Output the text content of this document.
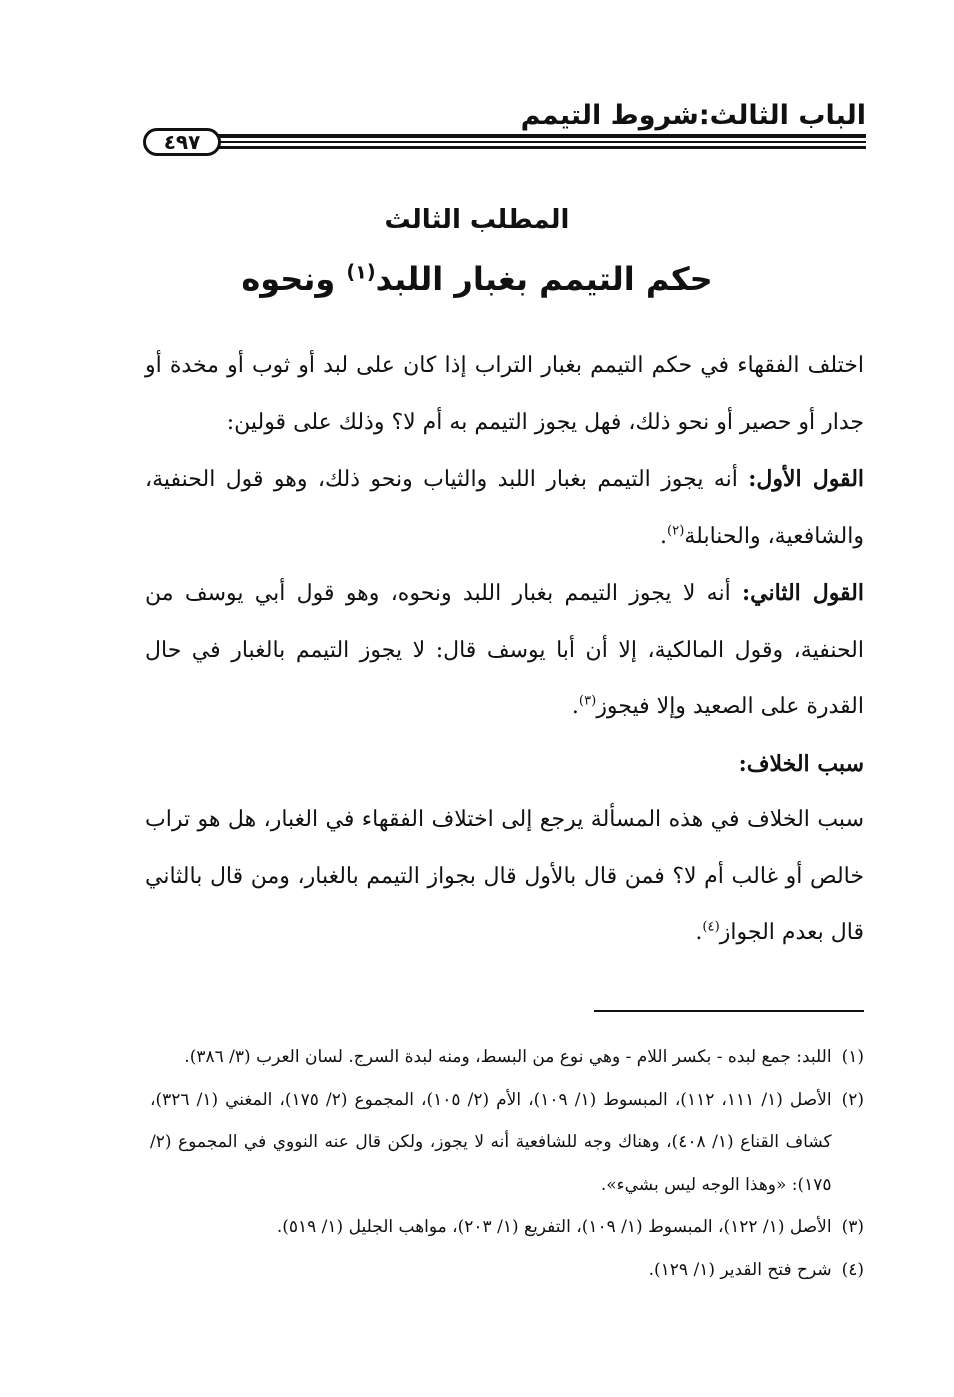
الباب الثالث:شروط التيمم
٤٩٧
المطلب الثالث
حكم التيمم بغبار اللبد$^{(١)}$ ونحوه

اختلف الفقهاء في حكم التيمم بغبار التراب إذا كان على لبد أو ثوب أو مخدة أو جدار أو حصير أو نحو ذلك، فهل يجوز التيمم به أم لا؟ وذلك على قولين:

القول الأول: أنه يجوز التيمم بغبار اللبد والثياب ونحو ذلك، وهو قول الحنفية، والشافعية، والحنابلة$^{(٢)}$.

القول الثاني: أنه لا يجوز التيمم بغبار اللبد ونحوه، وهو قول أبي يوسف من الحنفية، وقول المالكية، إلا أن أبا يوسف قال: لا يجوز التيمم بالغبار في حال القدرة على الصعيد وإلا فيجوز$^{(٣)}$.

سبب الخلاف:

سبب الخلاف في هذه المسألة يرجع إلى اختلاف الفقهاء في الغبار، هل هو تراب خالص أو غالب أم لا؟ فمن قال بالأول قال بجواز التيمم بالغبار، ومن قال بالثاني قال بعدم الجواز$^{(٤)}$.

(١)
اللبد: جمع لبده - بكسر اللام - وهي نوع من البسط، ومنه لبدة السرج. لسان العرب (٣/ ٣٨٦).
(٢)
الأصل (١/ ١١١، ١١٢)، المبسوط (١/ ١٠٩)، الأم (٢/ ١٠٥)، المجموع (٢/ ١٧٥)، المغني (١/ ٣٢٦)، كشاف القناع (١/ ٤٠٨)، وهناك وجه للشافعية أنه لا يجوز، ولكن قال عنه النووي في المجموع (٢/ ١٧٥): «وهذا الوجه ليس بشيء».
(٣)
الأصل (١/ ١٢٢)، المبسوط (١/ ١٠٩)، التفريع (١/ ٢٠٣)، مواهب الجليل (١/ ٥١٩).
(٤)
شرح فتح القدير (١/ ١٢٩).
